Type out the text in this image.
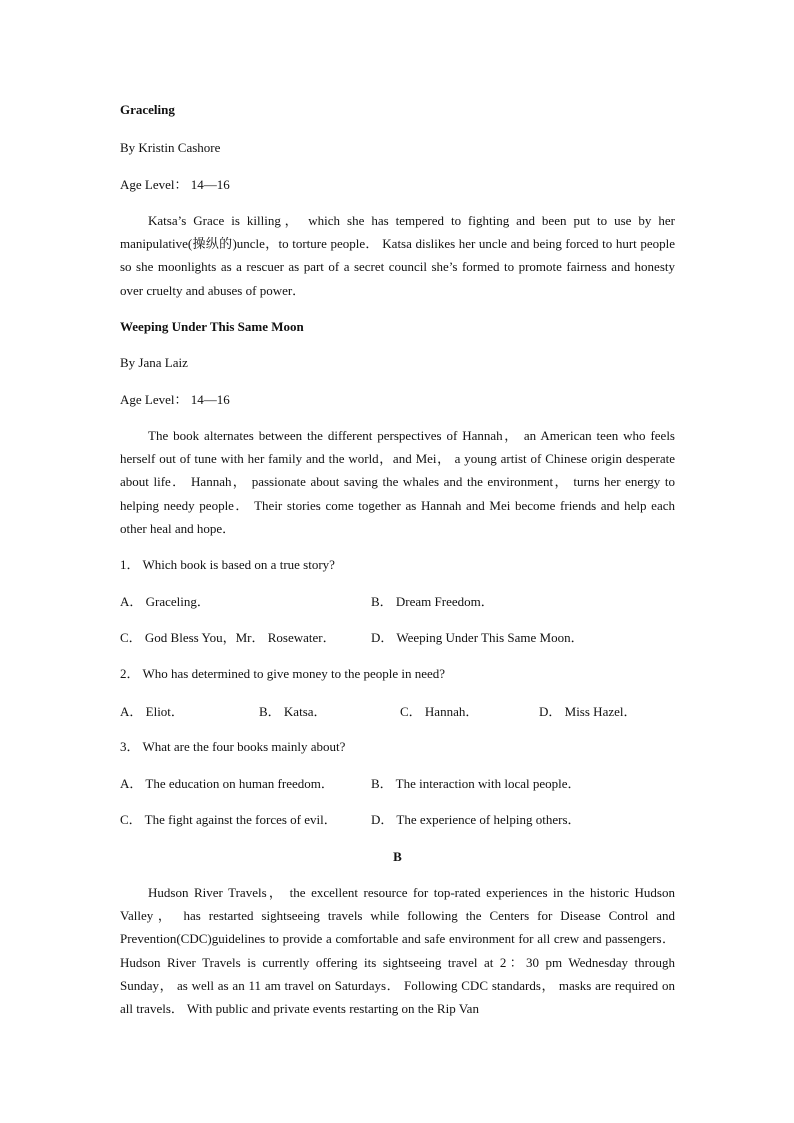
Graceling
By Kristin Cashore
Age Level： 14—16
Katsa’s Grace is killing， which she has tempered to fighting and been put to use by her manipulative(操纵的)uncle，to torture people． Katsa dislikes her uncle and being forced to hurt people so she moonlights as a rescuer as part of a secret council she’s formed to promote fairness and honesty over cruelty and abuses of power．
Weeping Under This Same Moon
By Jana Laiz
Age Level： 14—16
The book alternates between the different perspectives of Hannah， an American teen who feels herself out of tune with her family and the world，and Mei， a young artist of Chinese origin desperate about life． Hannah， passionate about saving the whales and the environment， turns her energy to helping needy people． Their stories come together as Hannah and Mei become friends and help each other heal and hope．
1． Which book is based on a true story?
A． Graceling．	B． Dream Freedom．
C． God Bless You，Mr． Rosewater．	D． Weeping Under This Same Moon．
2． Who has determined to give money to the people in need?
A． Eliot．	B． Katsa．	C． Hannah．	D． Miss Hazel．
3． What are the four books mainly about?
A． The education on human freedom．	B． The interaction with local people．
C． The fight against the forces of evil．	D． The experience of helping others．
B
Hudson River Travels， the excellent resource for top-rated experiences in the historic Hudson Valley， has restarted sightseeing travels while following the Centers for Disease Control and Prevention(CDC)guidelines to provide a comfortable and safe environment for all crew and passengers． Hudson River Travels is currently offering its sightseeing travel at 2：30 pm Wednesday through Sunday， as well as an 11 am travel on Saturdays． Following CDC standards， masks are required on all travels． With public and private events restarting on the Rip Van
